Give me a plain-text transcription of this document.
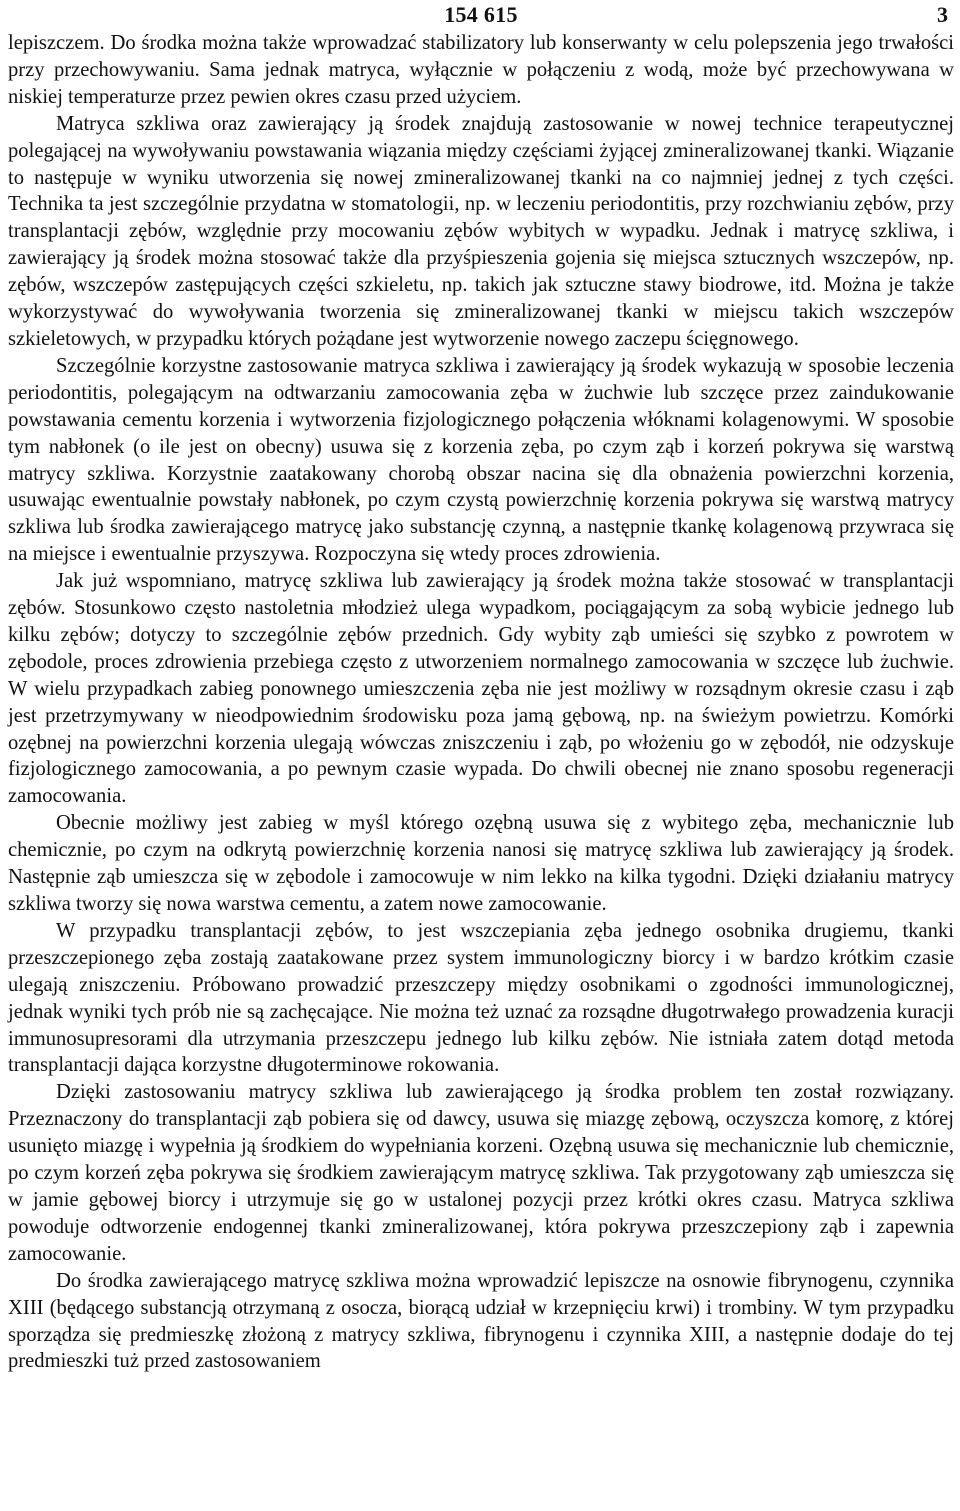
154 615	3

lepiszczem. Do środka można także wprowadzać stabilizatory lub konserwanty w celu polepszenia jego trwałości przy przechowywaniu. Sama jednak matryca, wyłącznie w połączeniu z wodą, może być przechowywana w niskiej temperaturze przez pewien okres czasu przed użyciem.

Matryca szkliwa oraz zawierający ją środek znajdują zastosowanie w nowej technice terapeutycznej polegającej na wywoływaniu powstawania wiązania między częściami żyjącej zmineralizowanej tkanki. Wiązanie to następuje w wyniku utworzenia się nowej zmineralizowanej tkanki na co najmniej jednej z tych części. Technika ta jest szczególnie przydatna w stomatologii, np. w leczeniu periodontitis, przy rozchwianiu zębów, przy transplantacji zębów, względnie przy mocowaniu zębów wybitych w wypadku. Jednak i matrycę szkliwa, i zawierający ją środek można stosować także dla przyśpieszenia gojenia się miejsca sztucznych wszczepów, np. zębów, wszczepów zastępujących części szkieletu, np. takich jak sztuczne stawy biodrowe, itd. Można je także wykorzystywać do wywoływania tworzenia się zmineralizowanej tkanki w miejscu takich wszczepów szkieletowych, w przypadku których pożądane jest wytworzenie nowego zaczepu ścięgnowego.

Szczególnie korzystne zastosowanie matryca szkliwa i zawierający ją środek wykazują w sposobie leczenia periodontitis, polegającym na odtwarzaniu zamocowania zęba w żuchwie lub szczęce przez zaindukowanie powstawania cementu korzenia i wytworzenia fizjologicznego połączenia włóknami kolagenowymi. W sposobie tym nabłonek (o ile jest on obecny) usuwa się z korzenia zęba, po czym ząb i korzeń pokrywa się warstwą matrycy szkliwa. Korzystnie zaatakowany chorobą obszar nacina się dla obnażenia powierzchni korzenia, usuwając ewentualnie powstały nabłonek, po czym czystą powierzchnię korzenia pokrywa się warstwą matrycy szkliwa lub środka zawierającego matrycę jako substancję czynną, a następnie tkankę kolagenową przywraca się na miejsce i ewentualnie przyszywa. Rozpoczyna się wtedy proces zdrowienia.

Jak już wspomniano, matrycę szkliwa lub zawierający ją środek można także stosować w transplantacji zębów. Stosunkowo często nastoletnia młodzież ulega wypadkom, pociągającym za sobą wybicie jednego lub kilku zębów; dotyczy to szczególnie zębów przednich. Gdy wybity ząb umieści się szybko z powrotem w zębodole, proces zdrowienia przebiega często z utworzeniem normalnego zamocowania w szczęce lub żuchwie. W wielu przypadkach zabieg ponownego umieszczenia zęba nie jest możliwy w rozsądnym okresie czasu i ząb jest przetrzymywany w nieodpowiednim środowisku poza jamą gębową, np. na świeżym powietrzu. Komórki ozębnej na powierzchni korzenia ulegają wówczas zniszczeniu i ząb, po włożeniu go w zębodół, nie odzyskuje fizjologicznego zamocowania, a po pewnym czasie wypada. Do chwili obecnej nie znano sposobu regeneracji zamocowania.

Obecnie możliwy jest zabieg w myśl którego ozębną usuwa się z wybitego zęba, mechanicznie lub chemicznie, po czym na odkrytą powierzchnię korzenia nanosi się matrycę szkliwa lub zawierający ją środek. Następnie ząb umieszcza się w zębodole i zamocowuje w nim lekko na kilka tygodni. Dzięki działaniu matrycy szkliwa tworzy się nowa warstwa cementu, a zatem nowe zamocowanie.

W przypadku transplantacji zębów, to jest wszczepiania zęba jednego osobnika drugiemu, tkanki przeszczepionego zęba zostają zaatakowane przez system immunologiczny biorcy i w bardzo krótkim czasie ulegają zniszczeniu. Próbowano prowadzić przeszczepy między osobnikami o zgodności immunologicznej, jednak wyniki tych prób nie są zachęcające. Nie można też uznać za rozsądne długotrwałego prowadzenia kuracji immunosupresorami dla utrzymania przeszczepu jednego lub kilku zębów. Nie istniała zatem dotąd metoda transplantacji dająca korzystne długoterminowe rokowania.

Dzięki zastosowaniu matrycy szkliwa lub zawierającego ją środka problem ten został rozwiązany. Przeznaczony do transplantacji ząb pobiera się od dawcy, usuwa się miazgę zębową, oczyszcza komorę, z której usunięto miazgę i wypełnia ją środkiem do wypełniania korzeni. Ozębną usuwa się mechanicznie lub chemicznie, po czym korzeń zęba pokrywa się środkiem zawierającym matrycę szkliwa. Tak przygotowany ząb umieszcza się w jamie gębowej biorcy i utrzymuje się go w ustalonej pozycji przez krótki okres czasu. Matryca szkliwa powoduje odtworzenie endogennej tkanki zmineralizowanej, która pokrywa przeszczepiony ząb i zapewnia zamocowanie.

Do środka zawierającego matrycę szkliwa można wprowadzić lepiszcze na osnowie fibrynogenu, czynnika XIII (będącego substancją otrzymaną z osocza, biorącą udział w krzepnięciu krwi) i trombiny. W tym przypadku sporządza się predmieszkę złożoną z matrycy szkliwa, fibrynogenu i czynnika XIII, a następnie dodaje do tej predmieszki tuż przed zastosowaniem
